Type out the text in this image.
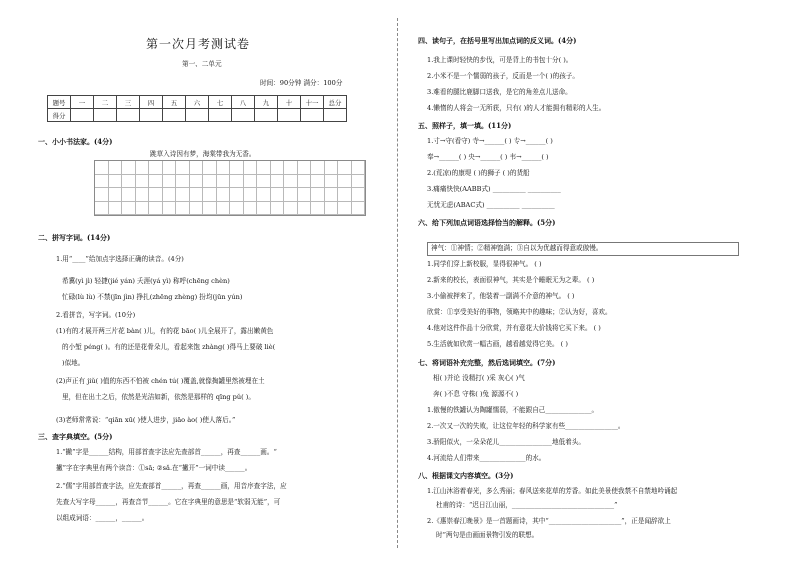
第一次月考测试卷
第一、二单元
时间：90分钟 满分：100分
题号	一	二	三	四	五	六	七	八	九	十	十一	总分
得分												
一、小小书法家。(4分)
跳草入诗因有梦，海棠带我为无香。
二、拼写字词。(14分)
1.用“____”给加点字选择正确的读音。(4分)
希冀(yì jì) 轻捷(jié yán) 夭涯(yá yì) 称呼(chēng chèn)
忙碌(lù lù) 不禁(jīn jìn) 挣扎(zhēng zhèng) 扮均(jūn yún)
2.看拼音，写字词。(10分)
(1)有的才展开两三片花 bàn( )儿，有的花 bāo( )儿全展开了，露出嫩黄色
的小堑 péng( )。有的还是花骨朵儿，看起来饱 zhàng( )得马上要破 liè(
)似地。
(2)声正有 jiǔ( )值的东西不怕被 chén tú( )覆盖,就像掏罐里然被埋在土
里，但在出土之后，依然是光洁如新，依然是那样的 qīng pǔ( )。
(3)老师常常说：“qiān xū( )使人进步，jiāo ào( )使人落后。”
三、查字典填空。(5分)
1.“撇”字是______结构，用部首查字法应先查部首______，再查______画。“
撇”字在字典里有两个读音：①sā; ②sǎ.在“撇开”一词中读______。
2.“儒”字用部首查字法，应先查部首______，再查______画，用音序查字法，应
先查大写字母______，再查音节______。它在字典里的意思是“软弱无能”，可
以组成词语：______，______。
四、读句子，在括号里写出加点词的反义词。(4分)
1.我上课时轻快的步伐，可是背上的书包十分( )。
2.小米不是一个懦弱的孩子，反而是一个( )的孩子。
3.难看的腿比鹿脚口送我，是它的角差点儿送命。
4.懒惰的人将会一无所获，只有( )的人才能拥有精彩的人生。
五、照样子，填一填。(11分)
1.寸→守(看守) 寺→______( ) 专→______( )
奉→______( ) 央→______( ) 韦→______( )
2.(荒凉)的康堤 ( )的狮子 ( )的货船
3.痛痛快快(AABB式) __________ __________
无忧无虑(ABAC式) __________ __________
六、给下列加点词语选择恰当的解释。(5分)
神气：①神情；②精神饱满；③自以为优越而得意或傲慢。
1.同学们穿上新校服，显得很神气。 ( )
2.新来的校长，表面很神气，其实是个睡眠无为之辈。 ( )
3.小偷被押来了，他装着一副满不介意的神气。 ( )
欣赏：①享受美好的事物，领略其中的趣味；②认为好，喜欢。
4.他对这件作品十分欣赏，并有意花大价钱将它买下来。 ( )
5.生活就如欣赏一幅古画，越看越觉得它美。 ( )
七、将词语补充完整，然后选词填空。(7分)
相( )并论 没精打( )采 灰心( )气
奔( )不息 守株( )兔 源源不( )
1.傲慢的铁罐认为陶罐懦弱，不能跟自己______________。
2.一次又一次的失败，让这位年轻的科学家有些________________。
3.骄阳似火，一朵朵花儿________________地低着头。
4.河流给人们带来______________的水。
八、根据课文内容填空。(3分)
1.江山沐浴着春光，多么秀丽；春风送来花草的芳香。如此美景使我禁不自禁地吟诵起
杜甫的诗：“迟日江山丽，_______________________________”
2.《惠崇春江晚景》是一首题画诗，其中“______________________”，正是闻辞欲上
时”两句是由画面景物引发的联想。
